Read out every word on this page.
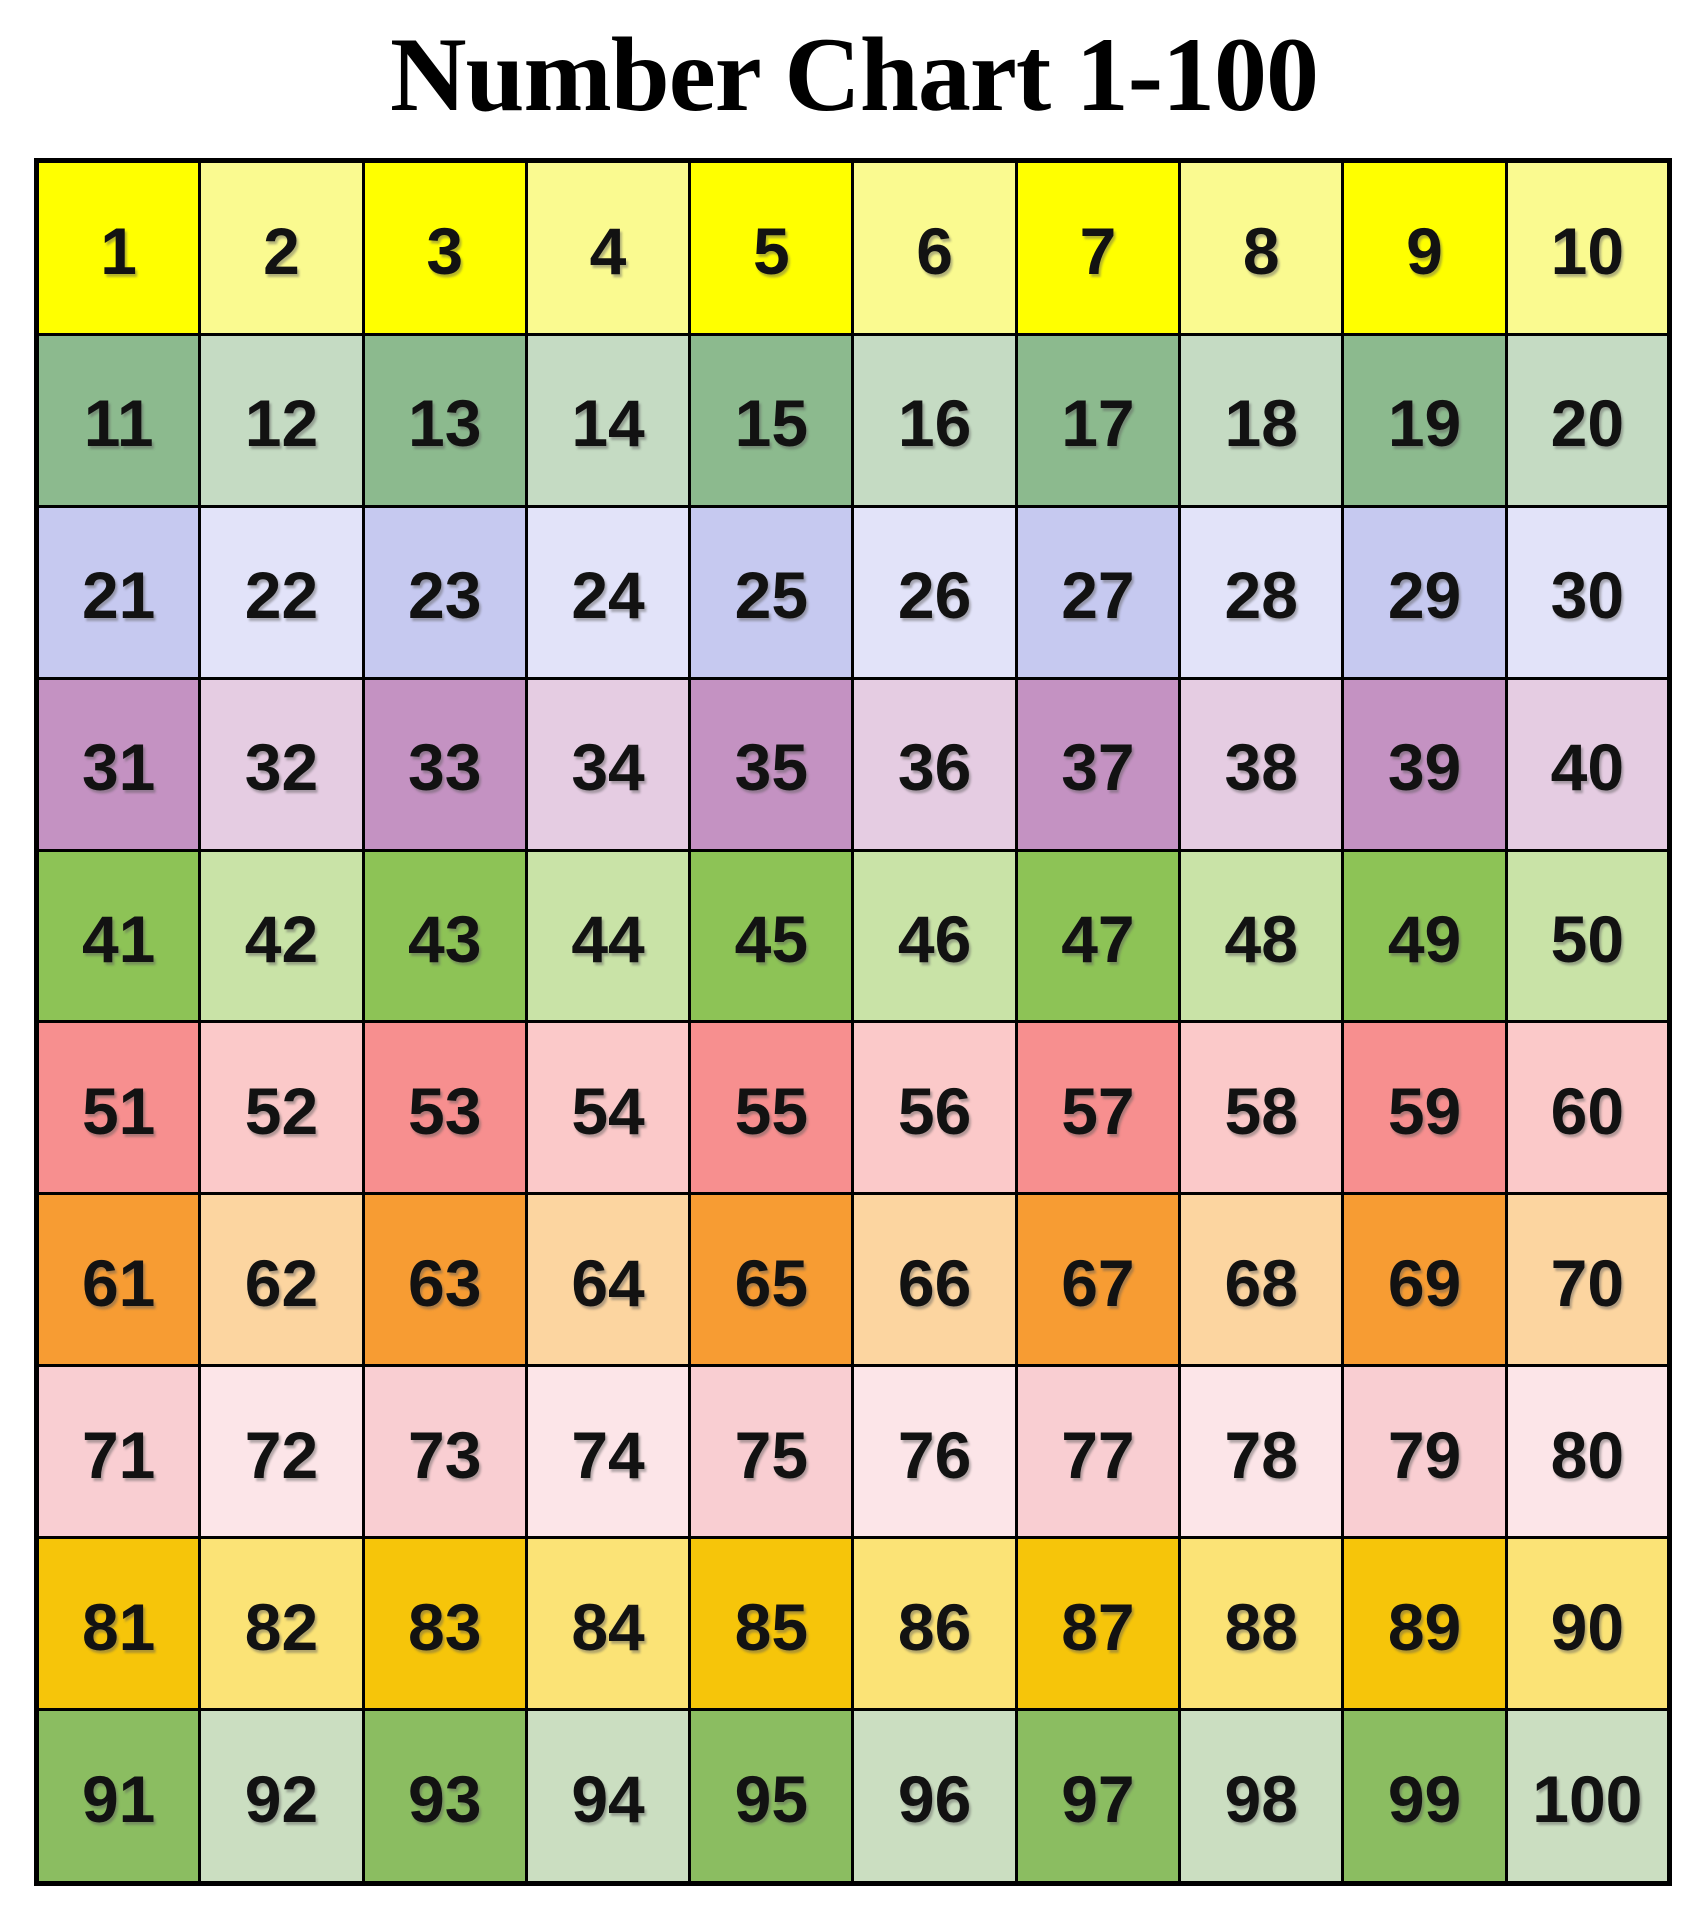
Number Chart 1-100
1	2	3	4	5	6	7	8	9	10
11	12	13	14	15	16	17	18	19	20
21	22	23	24	25	26	27	28	29	30
31	32	33	34	35	36	37	38	39	40
41	42	43	44	45	46	47	48	49	50
51	52	53	54	55	56	57	58	59	60
61	62	63	64	65	66	67	68	69	70
71	72	73	74	75	76	77	78	79	80
81	82	83	84	85	86	87	88	89	90
91	92	93	94	95	96	97	98	99	100
